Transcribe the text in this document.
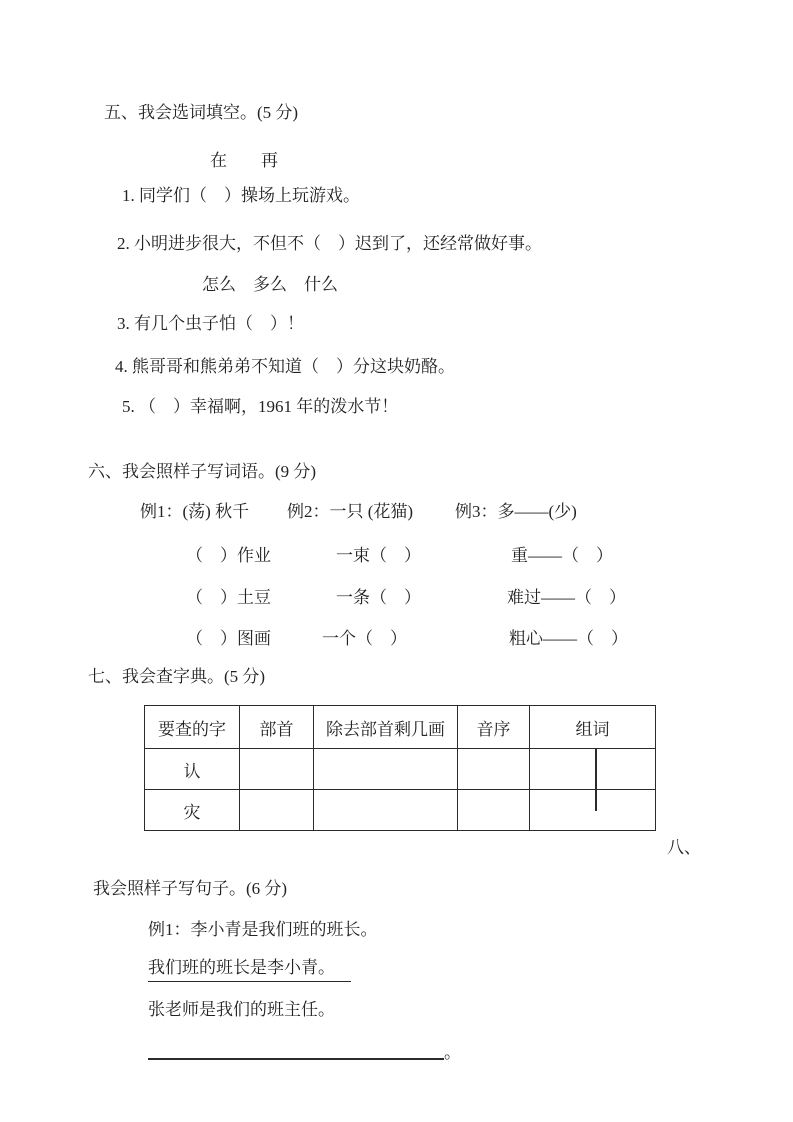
五、我会选词填空。(5 分)
在　　再
1. 同学们（　）操场上玩游戏。
2. 小明进步很大，不但不（　）迟到了，还经常做好事。
怎么　多么　什么
3. 有几个虫子怕（　）！
4. 熊哥哥和熊弟弟不知道（　）分这块奶酪。
5. （　）幸福啊，1961 年的泼水节！
六、我会照样子写词语。(9 分)
例1：(荡) 秋千 例2：一只 (花猫) 例3：多——(少)
（　）作业	一束（　）	重——（　）
（　）土豆	一条（　）	难过——（　）
（　）图画	一个（　）	粗心——（　）
七、我会查字典。(5 分)
要查的字	部首	除去部首剩几画	音序	组词
认				
灾				
八、
我会照样子写句子。(6 分)
例1：李小青是我们班的班长。
我们班的班长是李小青。
张老师是我们的班主任。
。
